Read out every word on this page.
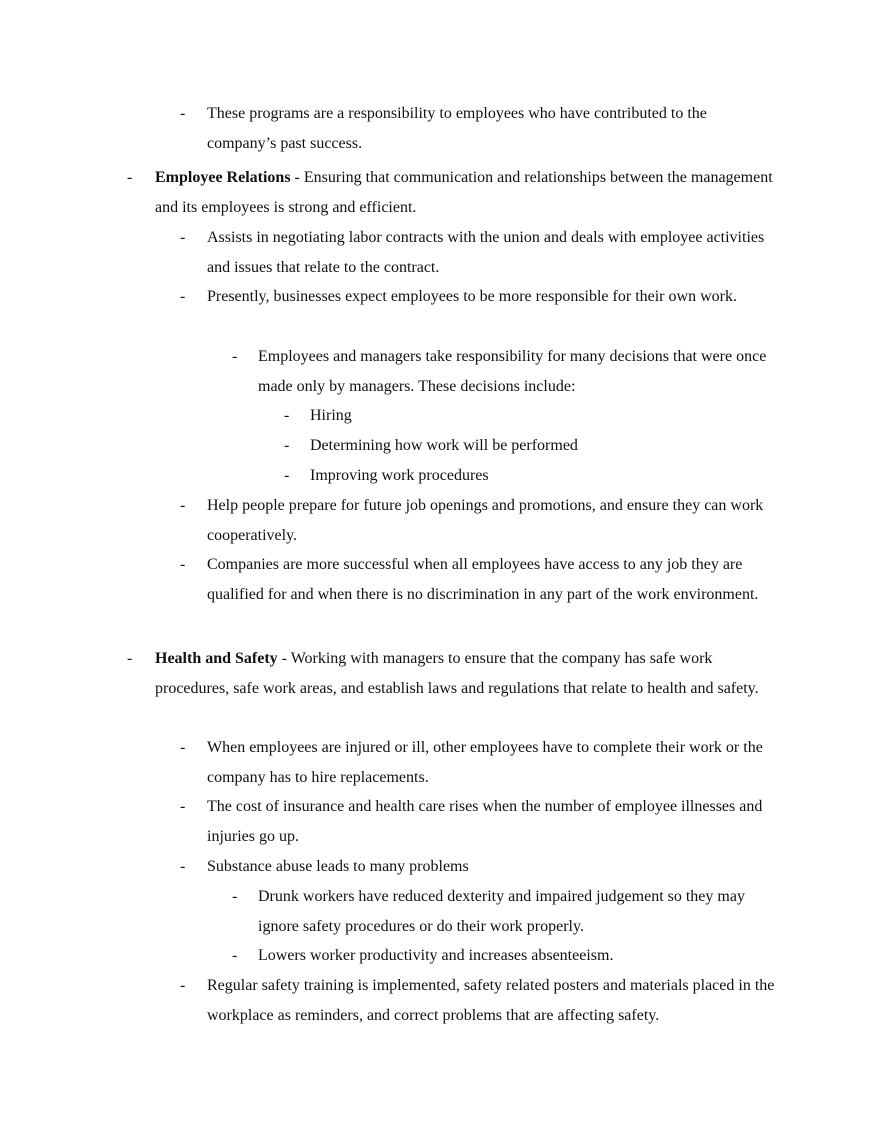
- These programs are a responsibility to employees who have contributed to the company’s past success.
- Employee Relations - Ensuring that communication and relationships between the management and its employees is strong and efficient.
- Assists in negotiating labor contracts with the union and deals with employee activities and issues that relate to the contract.
- Presently, businesses expect employees to be more responsible for their own work.
- Employees and managers take responsibility for many decisions that were once made only by managers. These decisions include:
- Hiring
- Determining how work will be performed
- Improving work procedures
- Help people prepare for future job openings and promotions, and ensure they can work cooperatively.
- Companies are more successful when all employees have access to any job they are qualified for and when there is no discrimination in any part of the work environment.
- Health and Safety - Working with managers to ensure that the company has safe work procedures, safe work areas, and establish laws and regulations that relate to health and safety.
- When employees are injured or ill, other employees have to complete their work or the company has to hire replacements.
- The cost of insurance and health care rises when the number of employee illnesses and injuries go up.
- Substance abuse leads to many problems
- Drunk workers have reduced dexterity and impaired judgement so they may ignore safety procedures or do their work properly.
- Lowers worker productivity and increases absenteeism.
- Regular safety training is implemented, safety related posters and materials placed in the workplace as reminders, and correct problems that are affecting safety.
